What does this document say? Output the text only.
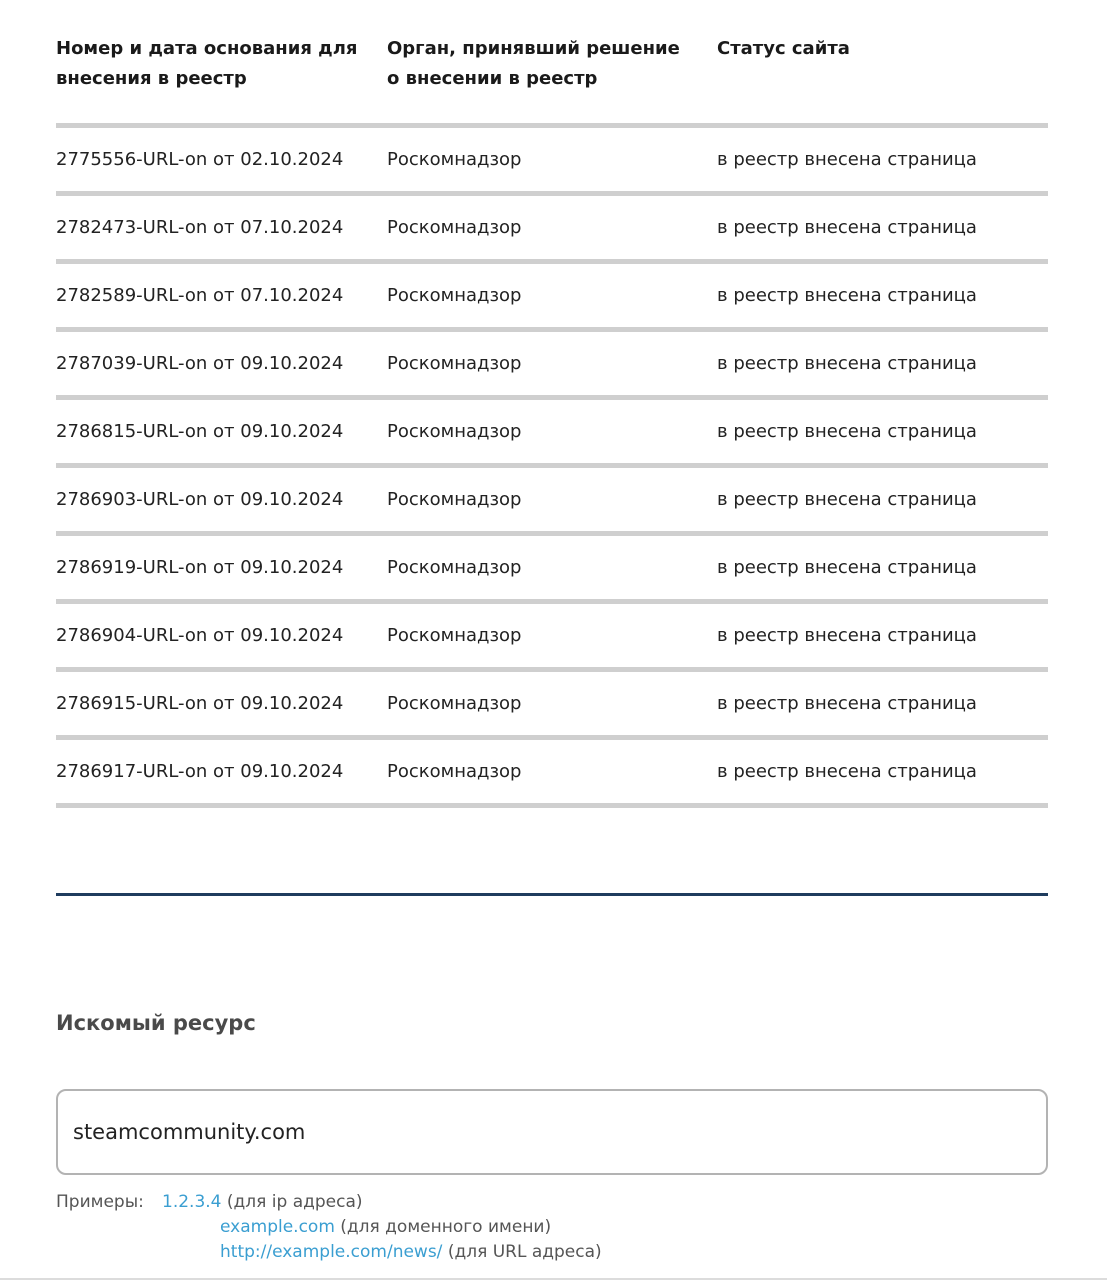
Номер и дата основания для внесения в реестр	Орган, принявший решение о внесении в реестр	Статус сайта
2775556-URL-on от 02.10.2024	Роскомнадзор	в реестр внесена страница
2782473-URL-on от 07.10.2024	Роскомнадзор	в реестр внесена страница
2782589-URL-on от 07.10.2024	Роскомнадзор	в реестр внесена страница
2787039-URL-on от 09.10.2024	Роскомнадзор	в реестр внесена страница
2786815-URL-on от 09.10.2024	Роскомнадзор	в реестр внесена страница
2786903-URL-on от 09.10.2024	Роскомнадзор	в реестр внесена страница
2786919-URL-on от 09.10.2024	Роскомнадзор	в реестр внесена страница
2786904-URL-on от 09.10.2024	Роскомнадзор	в реестр внесена страница
2786915-URL-on от 09.10.2024	Роскомнадзор	в реестр внесена страница
2786917-URL-on от 09.10.2024	Роскомнадзор	в реестр внесена страница
Искомый ресурс
steamcommunity.com
Примеры: 1.2.3.4 (для ip адреса)
example.com (для доменного имени)
http://example.com/news/ (для URL адреса)
